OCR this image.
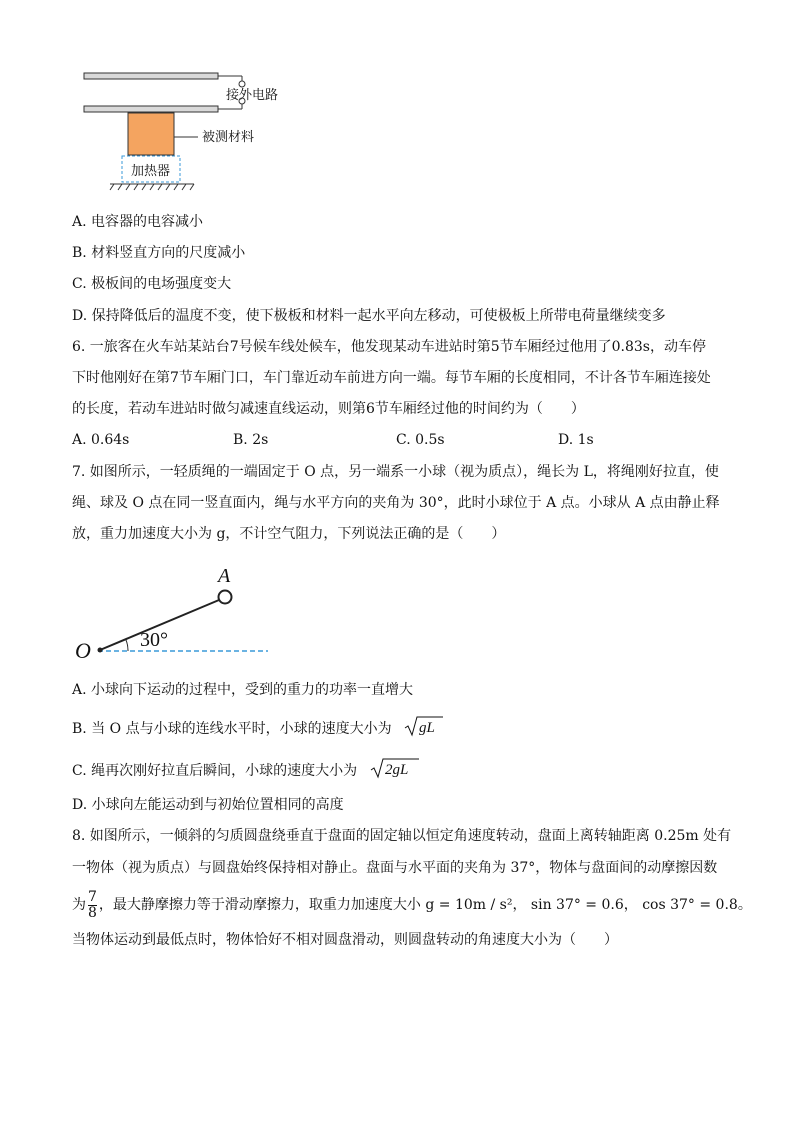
接外电路
被测材料
加热器
A. 电容器的电容减小
B. 材料竖直方向的尺度减小
C. 极板间的电场强度变大
D. 保持降低后的温度不变，使下极板和材料一起水平向左移动，可使极板上所带电荷量继续变多
6. 一旅客在火车站某站台7号候车线处候车，他发现某动车进站时第5节车厢经过他用了0.83s，动车停
下时他刚好在第7节车厢门口，车门靠近动车前进方向一端。每节车厢的长度相同，不计各节车厢连接处
的长度，若动车进站时做匀减速直线运动，则第6节车厢经过他的时间约为（　　）
A. 0.64s	B. 2s	C. 0.5s	D. 1s
7. 如图所示，一轻质绳的一端固定于 O 点，另一端系一小球（视为质点），绳长为 L，将绳刚好拉直，使
绳、球及 O 点在同一竖直面内，绳与水平方向的夹角为 30°，此时小球位于 A 点。小球从 A 点由静止释
放，重力加速度大小为 g，不计空气阻力，下列说法正确的是（　　）
A
O 30°
A. 小球向下运动的过程中，受到的重力的功率一直增大
B. 当 O 点与小球的连线水平时，小球的速度大小为 gL
C. 绳再次刚好拉直后瞬间，小球的速度大小为 2gL
D. 小球向左能运动到与初始位置相同的高度
8. 如图所示，一倾斜的匀质圆盘绕垂直于盘面的固定轴以恒定角速度转动，盘面上离转轴距离 0.25m 处有
一物体（视为质点）与圆盘始终保持相对静止。盘面与水平面的夹角为 37°，物体与盘面间的动摩擦因数
为 $\frac{7}{8}$ ，最大静摩擦力等于滑动摩擦力，取重力加速度大小 g = 10m / s²， sin 37° = 0.6， cos 37° = 0.8。
当物体运动到最低点时，物体恰好不相对圆盘滑动，则圆盘转动的角速度大小为（　　）
